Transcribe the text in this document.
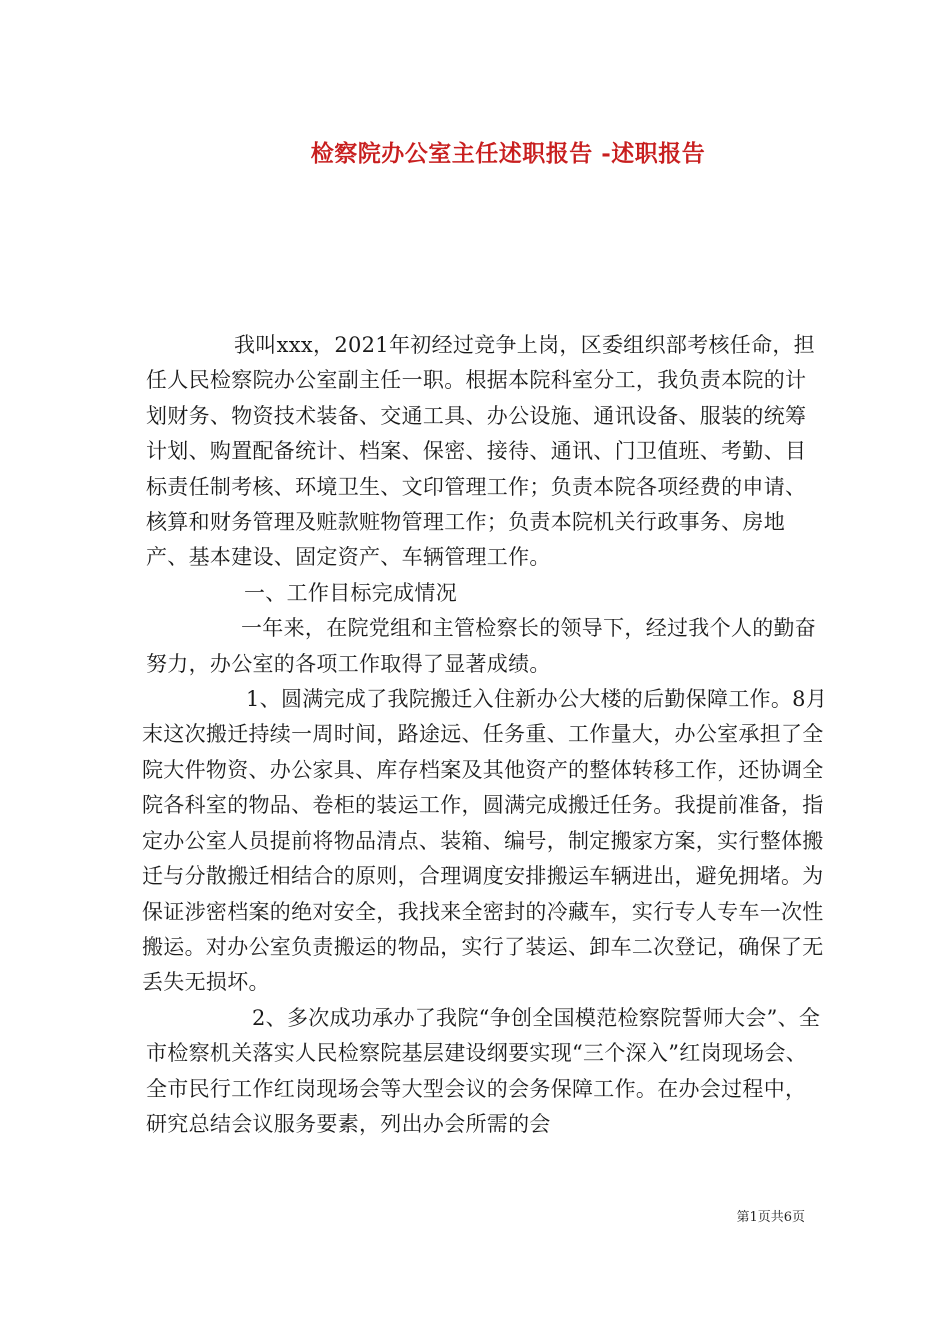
检察院办公室主任述职报告 -述职报告

我叫xxx，2021年初经过竞争上岗，区委组织部考核任命，担任人民检察院办公室副主任一职。根据本院科室分工，我负责本院的计划财务、物资技术装备、交通工具、办公设施、通讯设备、服装的统筹计划、购置配备统计、档案、保密、接待、通讯、门卫值班、考勤、目标责任制考核、环境卫生、文印管理工作；负责本院各项经费的申请、核算和财务管理及赃款赃物管理工作；负责本院机关行政事务、房地产、基本建设、固定资产、车辆管理工作。

一、工作目标完成情况

一年来，在院党组和主管检察长的领导下，经过我个人的勤奋努力，办公室的各项工作取得了显著成绩。

1、圆满完成了我院搬迁入住新办公大楼的后勤保障工作。8月末这次搬迁持续一周时间，路途远、任务重、工作量大，办公室承担了全院大件物资、办公家具、库存档案及其他资产的整体转移工作，还协调全院各科室的物品、卷柜的装运工作，圆满完成搬迁任务。我提前准备，指定办公室人员提前将物品清点、装箱、编号，制定搬家方案，实行整体搬迁与分散搬迁相结合的原则，合理调度安排搬运车辆进出，避免拥堵。为保证涉密档案的绝对安全，我找来全密封的冷藏车，实行专人专车一次性搬运。对办公室负责搬运的物品，实行了装运、卸车二次登记，确保了无丢失无损坏。

2、多次成功承办了我院“争创全国模范检察院誓师大会”、全市检察机关落实人民检察院基层建设纲要实现“三个深入”红岗现场会、全市民行工作红岗现场会等大型会议的会务保障工作。在办会过程中，研究总结会议服务要素，列出办会所需的会

第1页共6页
